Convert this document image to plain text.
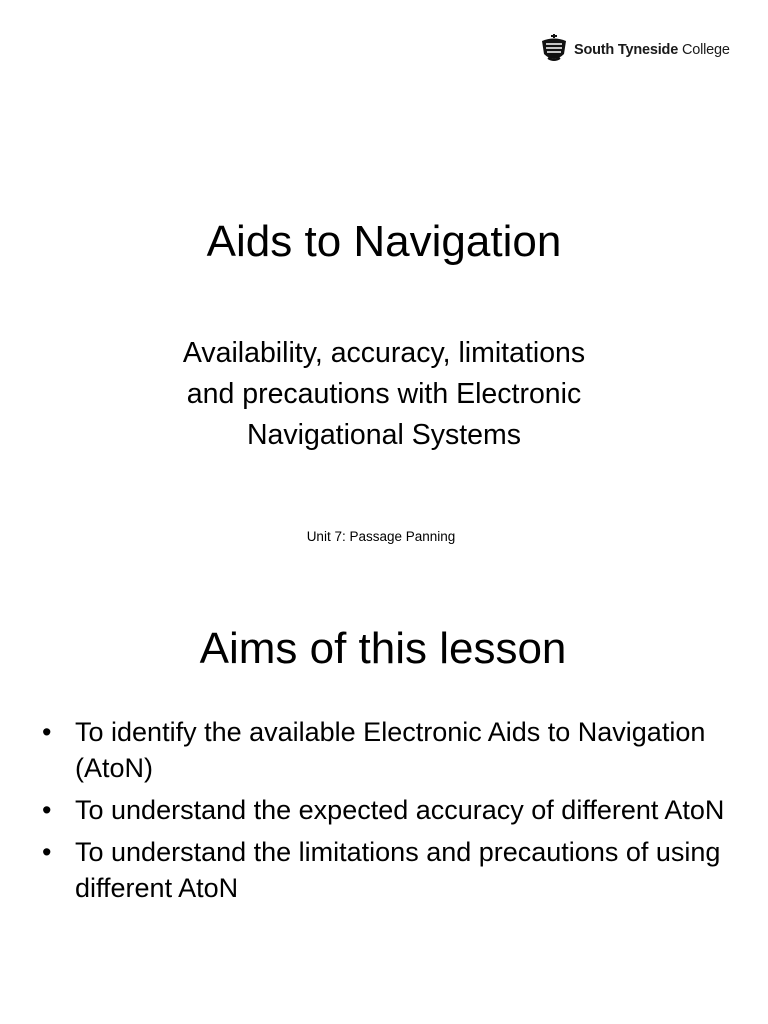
South Tyneside College
Aids to Navigation
Availability, accuracy, limitations
and precautions with Electronic
Navigational Systems
Unit 7: Passage Panning
Aims of this lesson
• To identify the available Electronic Aids to Navigation (AtoN)
• To understand the expected accuracy of different AtoN
• To understand the limitations and precautions of using different AtoN
